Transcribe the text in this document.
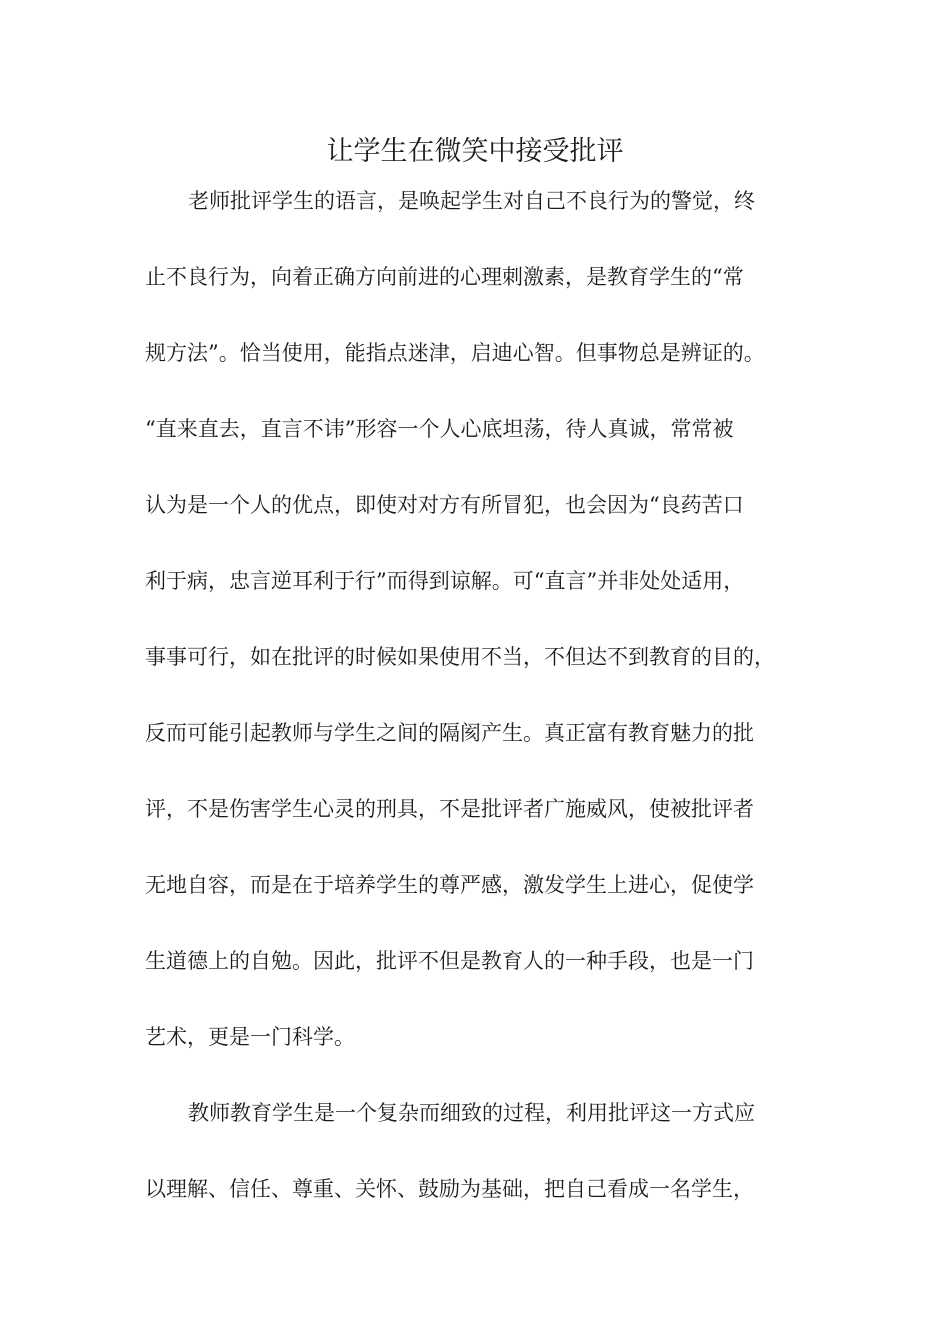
让学生在微笑中接受批评
老师批评学生的语言，是唤起学生对自己不良行为的警觉，终
止不良行为，向着正确方向前进的心理刺激素，是教育学生的“常
规方法”。恰当使用，能指点迷津，启迪心智。但事物总是辨证的。
“直来直去，直言不讳”形容一个人心底坦荡，待人真诚，常常被
认为是一个人的优点，即使对对方有所冒犯，也会因为“良药苦口
利于病，忠言逆耳利于行”而得到谅解。可“直言”并非处处适用，
事事可行，如在批评的时候如果使用不当，不但达不到教育的目的，
反而可能引起教师与学生之间的隔阂产生。真正富有教育魅力的批
评，不是伤害学生心灵的刑具，不是批评者广施威风，使被批评者
无地自容，而是在于培养学生的尊严感，激发学生上进心，促使学
生道德上的自勉。因此，批评不但是教育人的一种手段，也是一门
艺术，更是一门科学。
教师教育学生是一个复杂而细致的过程，利用批评这一方式应
以理解、信任、尊重、关怀、鼓励为基础，把自己看成一名学生，
